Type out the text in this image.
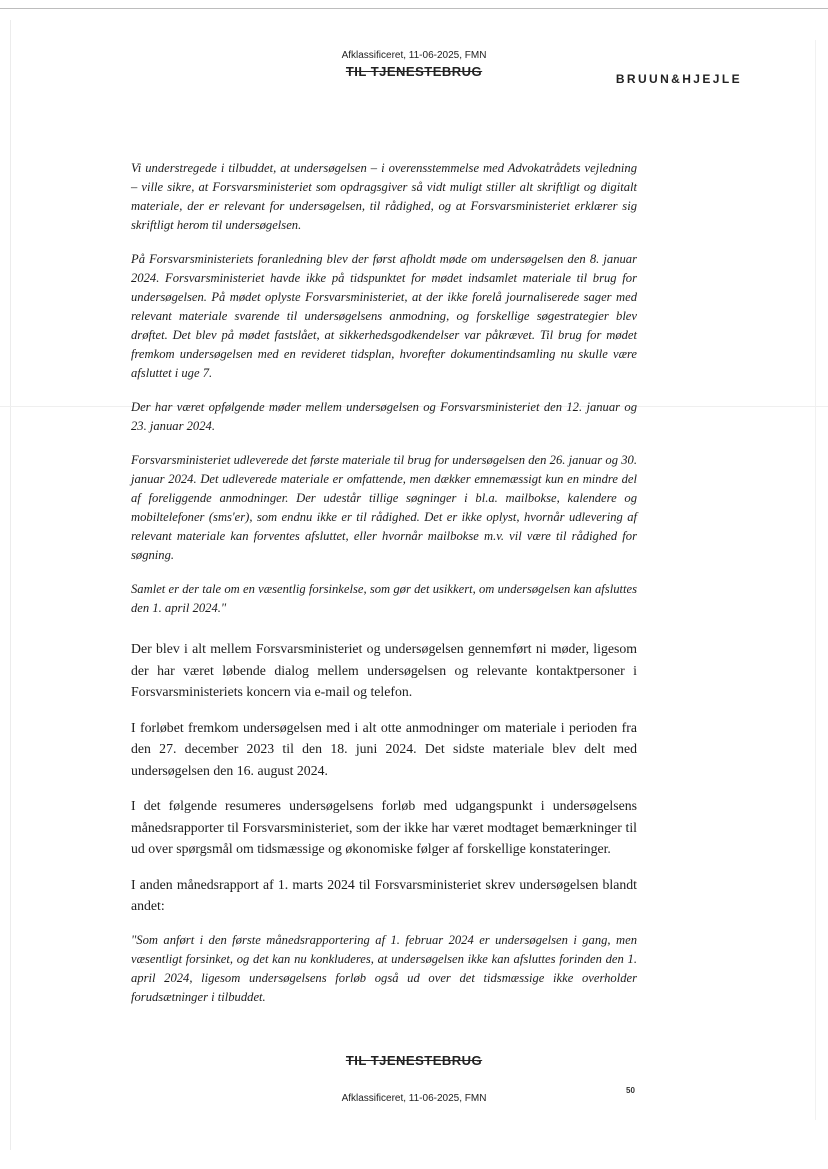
Afklassificeret, 11-06-2025, FMN
TIL TJENESTEBRUG	BRUUN&HJEJLE

Vi understregede i tilbuddet, at undersøgelsen – i overensstemmelse med Advokatrådets vejledning – ville sikre, at Forsvarsministeriet som opdragsgiver så vidt muligt stiller alt skriftligt og digitalt materiale, der er relevant for undersøgelsen, til rådighed, og at Forsvarsministeriet erklærer sig skriftligt herom til undersøgelsen.

På Forsvarsministeriets foranledning blev der først afholdt møde om undersøgelsen den 8. januar 2024. Forsvarsministeriet havde ikke på tidspunktet for mødet indsamlet materiale til brug for undersøgelsen. På mødet oplyste Forsvarsministeriet, at der ikke forelå journaliserede sager med relevant materiale svarende til undersøgelsens anmodning, og forskellige søgestrategier blev drøftet. Det blev på mødet fastslået, at sikkerhedsgodkendelser var påkrævet. Til brug for mødet fremkom undersøgelsen med en revideret tidsplan, hvorefter dokumentindsamling nu skulle være afsluttet i uge 7.

Der har været opfølgende møder mellem undersøgelsen og Forsvarsministeriet den 12. januar og 23. januar 2024.

Forsvarsministeriet udleverede det første materiale til brug for undersøgelsen den 26. januar og 30. januar 2024. Det udleverede materiale er omfattende, men dækker emnemæssigt kun en mindre del af foreliggende anmodninger. Der udestår tillige søgninger i bl.a. mailbokse, kalendere og mobiltelefoner (sms'er), som endnu ikke er til rådighed. Det er ikke oplyst, hvornår udlevering af relevant materiale kan forventes afsluttet, eller hvornår mailbokse m.v. vil være til rådighed for søgning.

Samlet er der tale om en væsentlig forsinkelse, som gør det usikkert, om undersøgelsen kan afsluttes den 1. april 2024."

Der blev i alt mellem Forsvarsministeriet og undersøgelsen gennemført ni møder, ligesom der har været løbende dialog mellem undersøgelsen og relevante kontaktpersoner i Forsvarsministeriets koncern via e-mail og telefon.

I forløbet fremkom undersøgelsen med i alt otte anmodninger om materiale i perioden fra den 27. december 2023 til den 18. juni 2024. Det sidste materiale blev delt med undersøgelsen den 16. august 2024.

I det følgende resumeres undersøgelsens forløb med udgangspunkt i undersøgelsens månedsrapporter til Forsvarsministeriet, som der ikke har været modtaget bemærkninger til ud over spørgsmål om tidsmæssige og økonomiske følger af forskellige konstateringer.

I anden månedsrapport af 1. marts 2024 til Forsvarsministeriet skrev undersøgelsen blandt andet:

"Som anført i den første månedsrapportering af 1. februar 2024 er undersøgelsen i gang, men væsentligt forsinket, og det kan nu konkluderes, at undersøgelsen ikke kan afsluttes forinden den 1. april 2024, ligesom undersøgelsens forløb også ud over det tidsmæssige ikke overholder forudsætninger i tilbuddet.

TIL TJENESTEBRUG
50
Afklassificeret, 11-06-2025, FMN
